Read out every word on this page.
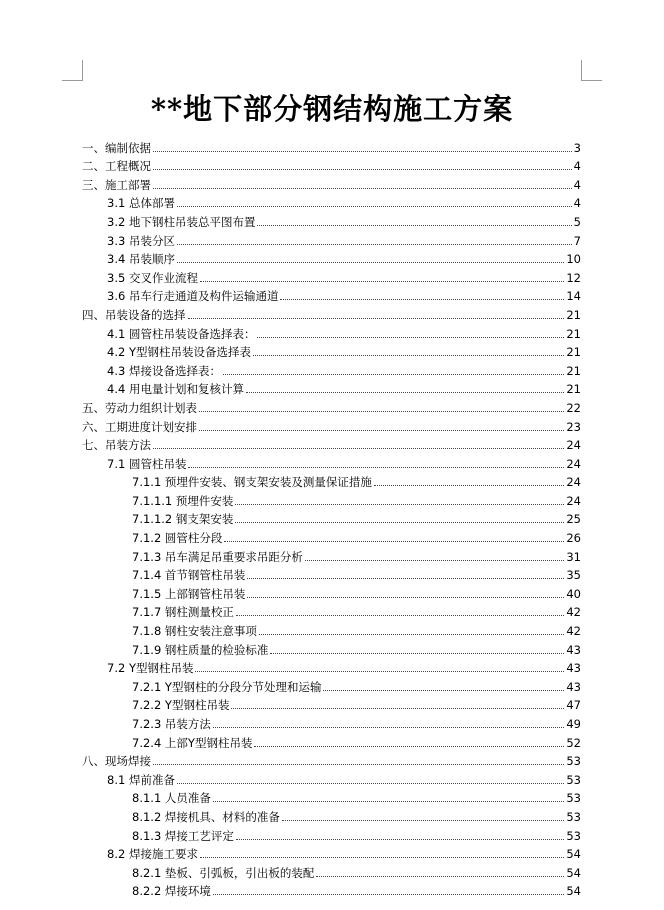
**地下部分钢结构施工方案
一、编制依据	3
二、工程概况	4
三、施工部署	4
3.1 总体部署	4
3.2 地下钢柱吊装总平图布置	5
3.3 吊装分区	7
3.4 吊装顺序	10
3.5 交叉作业流程	12
3.6 吊车行走通道及构件运输通道	14
四、吊装设备的选择	21
4.1 圆管柱吊装设备选择表：	21
4.2 Y型钢柱吊装设备选择表	21
4.3 焊接设备选择表：	21
4.4 用电量计划和复核计算	21
五、劳动力组织计划表	22
六、工期进度计划安排	23
七、吊装方法	24
7.1 圆管柱吊装	24
7.1.1 预埋件安装、钢支架安装及测量保证措施	24
7.1.1.1 预埋件安装	24
7.1.1.2 钢支架安装	25
7.1.2 圆管柱分段	26
7.1.3 吊车满足吊重要求吊距分析	31
7.1.4 首节钢管柱吊装	35
7.1.5 上部钢管柱吊装	40
7.1.7 钢柱测量校正	42
7.1.8 钢柱安装注意事项	42
7.1.9 钢柱质量的检验标准	43
7.2 Y型钢柱吊装	43
7.2.1 Y型钢柱的分段分节处理和运输	43
7.2.2 Y型钢柱吊装	47
7.2.3 吊装方法	49
7.2.4 上部Y型钢柱吊装	52
八、现场焊接	53
8.1 焊前准备	53
8.1.1 人员准备	53
8.1.2 焊接机具、材料的准备	53
8.1.3 焊接工艺评定	53
8.2 焊接施工要求	54
8.2.1 垫板、引弧板，引出板的装配	54
8.2.2 焊接环境	54
